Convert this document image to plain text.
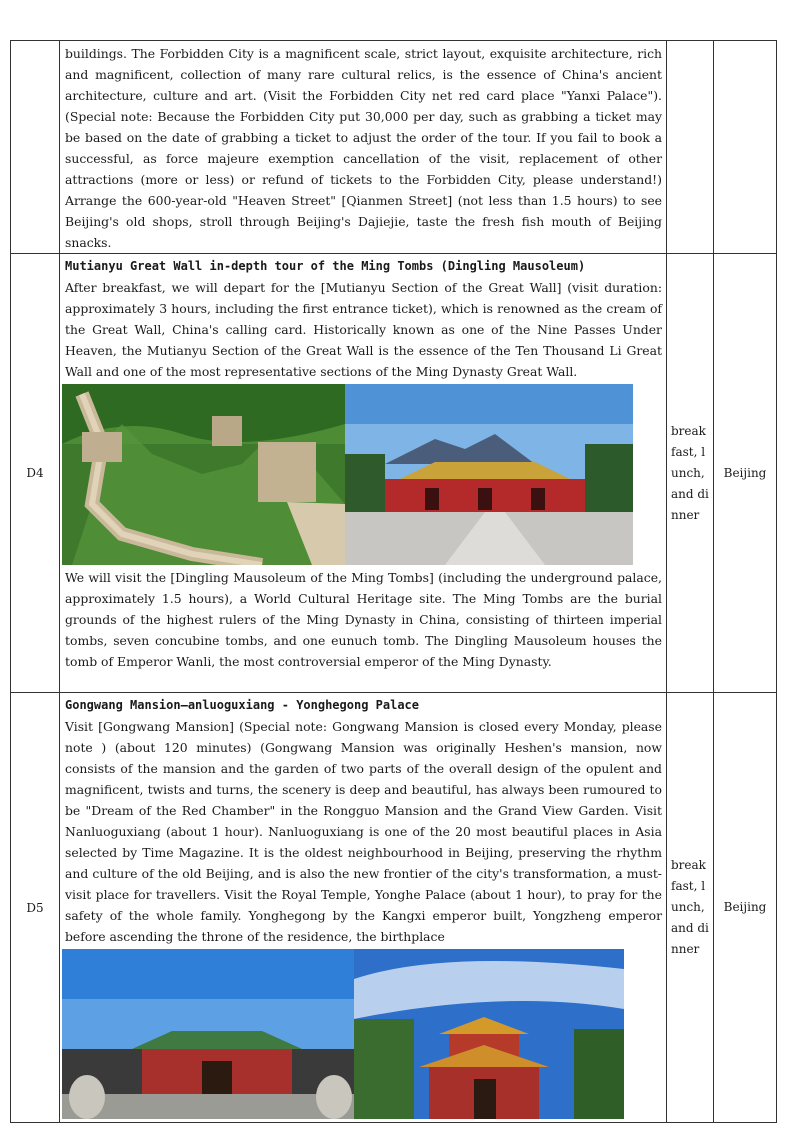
	buildings. The Forbidden City is a magnificent scale, strict layout, exquisite architecture, rich and magnificent, collection of many rare cultural relics, is the essence of China's ancient architecture, culture and art. (Visit the Forbidden City net red card place "Yanxi Palace"). (Special note: Because the Forbidden City put 30,000 per day, such as grabbing a ticket may be based on the date of grabbing a ticket to adjust the order of the tour. If you fail to book a successful, as force majeure exemption cancellation of the visit, replacement of other attractions (more or less) or refund of tickets to the Forbidden City, please understand!) Arrange the 600-year-old "Heaven Street" [Qianmen Street] (not less than 1.5 hours) to see Beijing's old shops, stroll through Beijing's Dajiejie, taste the fresh fish mouth of Beijing snacks.		

D4	Mutianyu Great Wall in-depth tour of the Ming Tombs (Dingling Mausoleum)

After breakfast, we will depart for the [Mutianyu Section of the Great Wall] (visit duration: approximately 3 hours, including the first entrance ticket), which is renowned as the cream of the Great Wall, China's calling card. Historically known as one of the Nine Passes Under Heaven, the Mutianyu Section of the Great Wall is the essence of the Ten Thousand Li Great Wall and one of the most representative sections of the Ming Dynasty Great Wall.

We will visit the [Dingling Mausoleum of the Ming Tombs] (including the underground palace, approximately 1.5 hours), a World Cultural Heritage site. The Ming Tombs are the burial grounds of the highest rulers of the Ming Dynasty in China, consisting of thirteen imperial tombs, seven concubine tombs, and one eunuch tomb. The Dingling Mausoleum houses the tomb of Emperor Wanli, the most controversial emperor of the Ming Dynasty.	breakfast, lunch, and dinner	Beijing
D5	Gongwang Mansion—anluoguxiang - Yonghegong Palace

Visit [Gongwang Mansion] (Special note: Gongwang Mansion is closed every Monday, please note ) (about 120 minutes) (Gongwang Mansion was originally Heshen's mansion, now consists of the mansion and the garden of two parts of the overall design of the opulent and magnificent, twists and turns, the scenery is deep and beautiful, has always been rumoured to be "Dream of the Red Chamber" in the Rongguo Mansion and the Grand View Garden. Visit Nanluoguxiang (about 1 hour). Nanluoguxiang is one of the 20 most beautiful places in Asia selected by Time Magazine. It is the oldest neighbourhood in Beijing, preserving the rhythm and culture of the old Beijing, and is also the new frontier of the city's transformation, a must-visit place for travellers. Visit the Royal Temple, Yonghe Palace (about 1 hour), to pray for the safety of the whole family. Yonghegong by the Kangxi emperor built, Yongzheng emperor before ascending the throne of the residence, the birthplace	breakfast, lunch, and dinner	Beijing
